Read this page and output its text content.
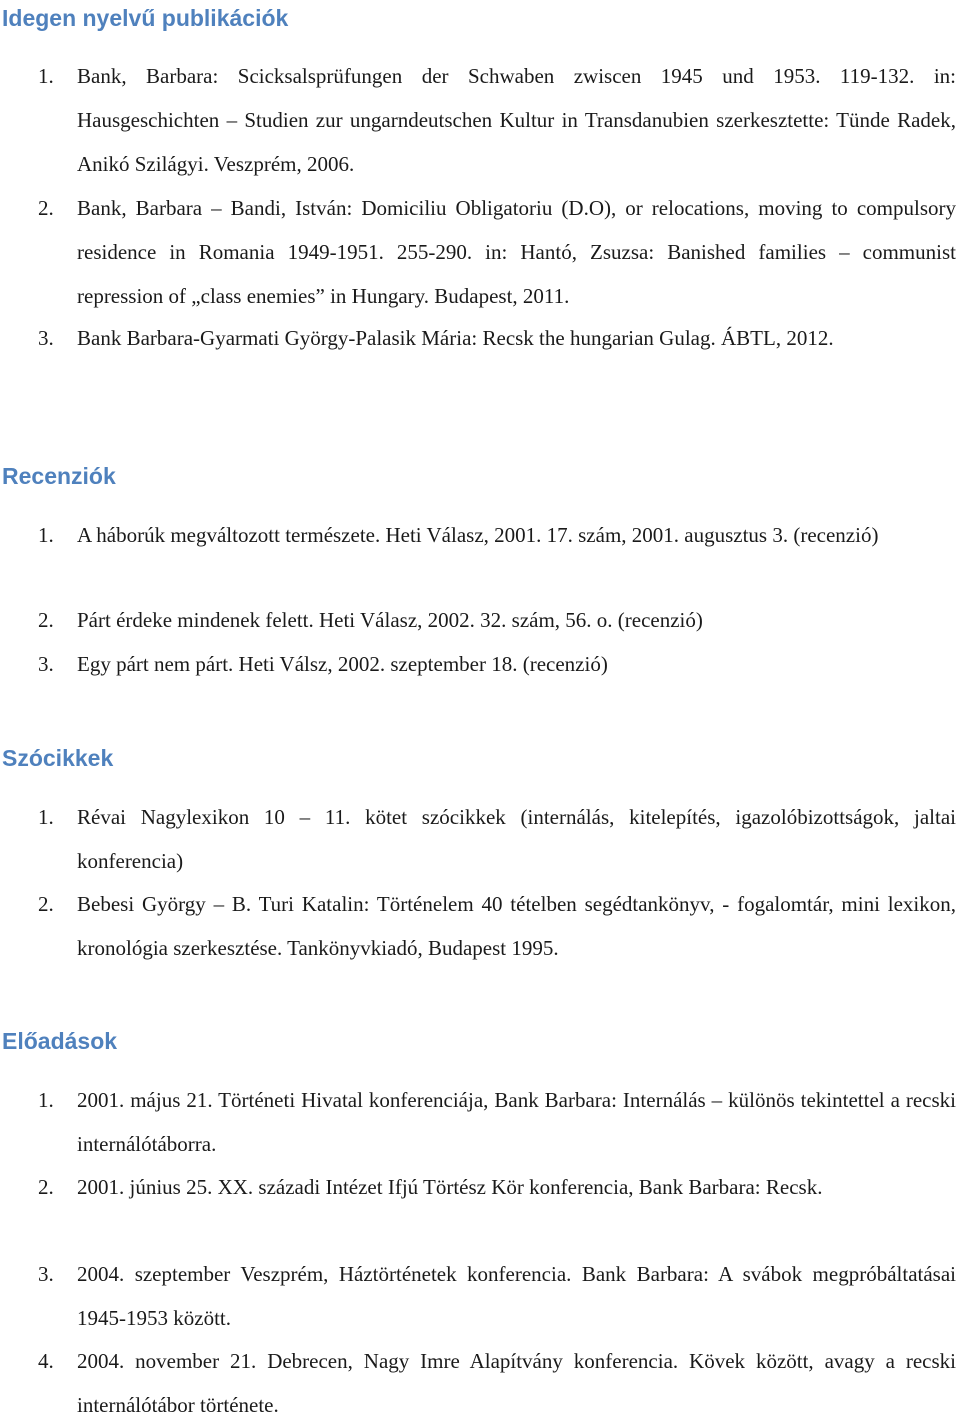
Idegen nyelvű publikációk
1. Bank, Barbara: Scicksalsprüfungen der Schwaben zwiscen 1945 und 1953. 119-132. in: Hausgeschichten – Studien zur ungarndeutschen Kultur in Transdanubien szerkesztette: Tünde Radek, Anikó Szilágyi. Veszprém, 2006.
2. Bank, Barbara – Bandi, István: Domiciliu Obligatoriu (D.O), or relocations, moving to compulsory residence in Romania 1949-1951. 255-290. in: Hantó, Zsuzsa: Banished families – communist repression of „class enemies” in Hungary. Budapest, 2011.
3. Bank Barbara-Gyarmati György-Palasik Mária: Recsk the hungarian Gulag. ÁBTL, 2012.
Recenziók
1. A háborúk megváltozott természete. Heti Válasz, 2001. 17. szám, 2001. augusztus 3. (recenzió)
2. Párt érdeke mindenek felett. Heti Válasz, 2002. 32. szám, 56. o. (recenzió)
3. Egy párt nem párt. Heti Válsz, 2002. szeptember 18. (recenzió)
Szócikkek
1. Révai Nagylexikon 10 – 11. kötet szócikkek (internálás, kitelepítés, igazolóbizottságok, jaltai konferencia)
2. Bebesi György – B. Turi Katalin: Történelem 40 tételben segédtankönyv, - fogalomtár, mini lexikon, kronológia szerkesztése. Tankönyvkiadó, Budapest 1995.
Előadások
1. 2001. május 21. Történeti Hivatal konferenciája, Bank Barbara: Internálás – különös tekintettel a recski internálótáborra.
2. 2001. június 25. XX. századi Intézet Ifjú Törtész Kör konferencia, Bank Barbara: Recsk.
3. 2004. szeptember Veszprém, Háztörténetek konferencia. Bank Barbara: A svábok megpróbáltatásai 1945-1953 között.
4. 2004. november 21. Debrecen, Nagy Imre Alapítvány konferencia. Kövek között, avagy a recski internálótábor története.
